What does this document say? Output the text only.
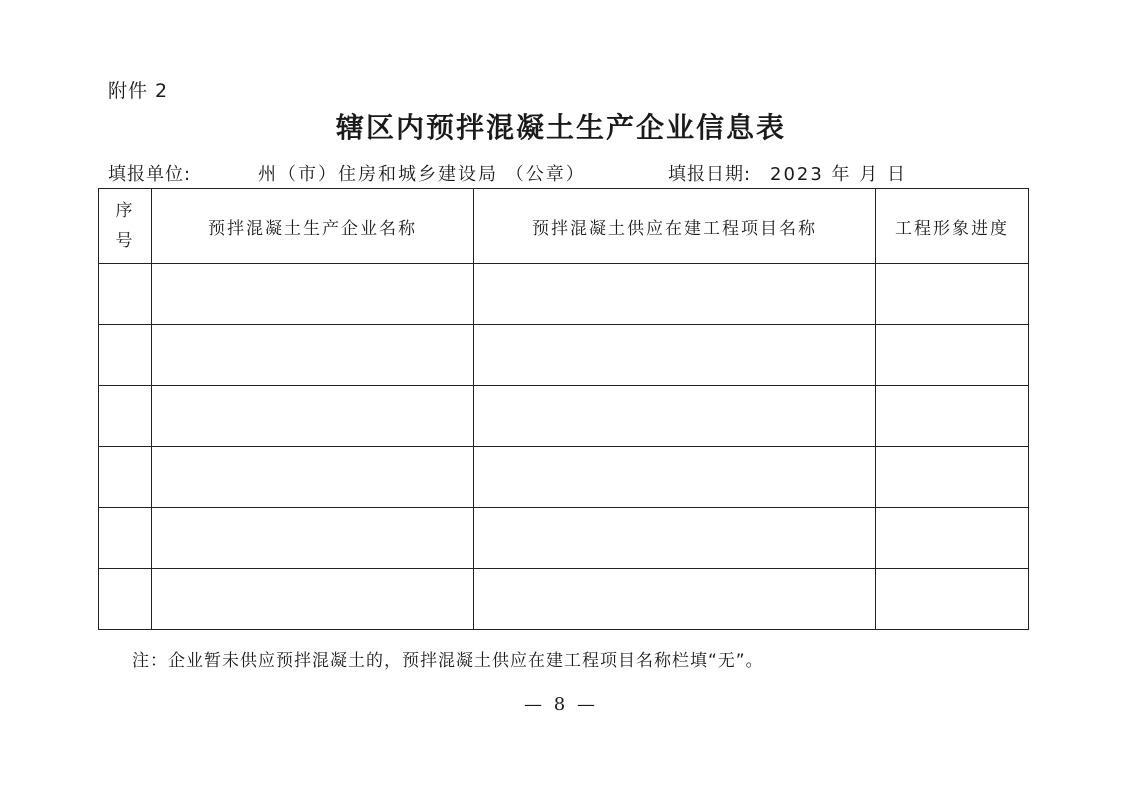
附件 2
辖区内预拌混凝土生产企业信息表
填报单位:	州（市）住房和城乡建设局 （公章）	填报日期: 2023 年 月 日
序
号	预拌混凝土生产企业名称	预拌混凝土供应在建工程项目名称	工程形象进度

注：企业暂未供应预拌混凝土的，预拌混凝土供应在建工程项目名称栏填“无”。
— 8 —
